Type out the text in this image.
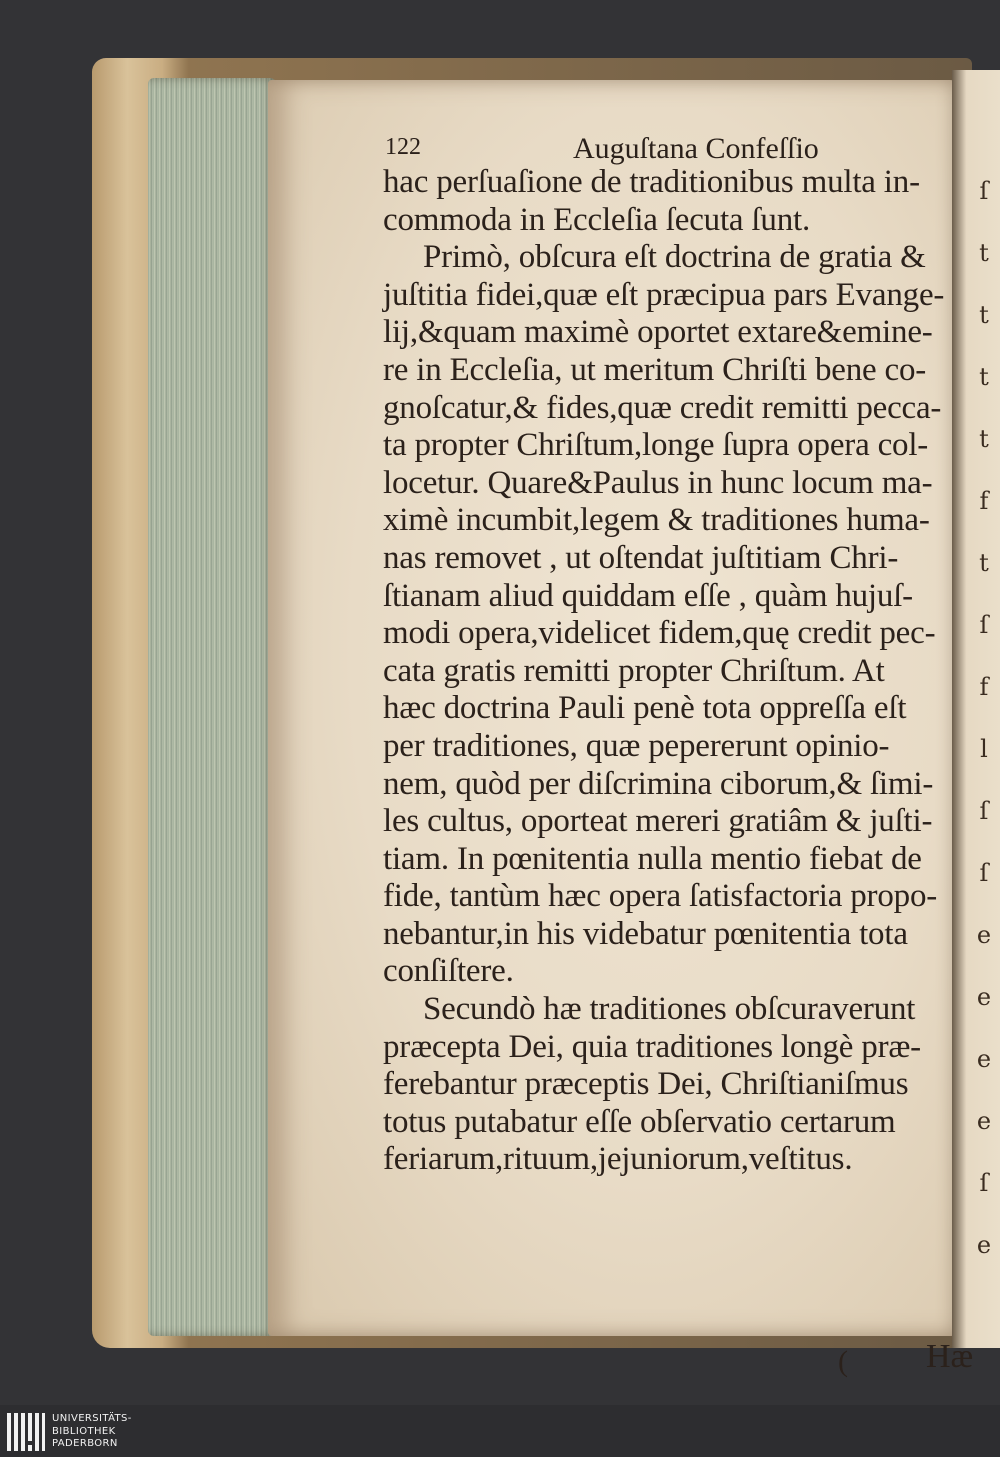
ſ
t
t
t
t
f
t
ſ
f
l
ſ
ſ
e
e
e
e
ſ
e
122	Auguſtana Confeſſio
hac perſuaſione de traditionibus multa in-
commoda in Eccleſia ſecuta ſunt.
Primò, obſcura eſt doctrina de gratia &
juſtitia fidei,quæ eſt præcipua pars Evange-
lij,&quam maximè oportet extare&emine-
re in Eccleſia, ut meritum Chriſti bene co-
gnoſcatur,& fides,quæ credit remitti pecca-
ta propter Chriſtum,longe ſupra opera col-
locetur. Quare&Paulus in hunc locum ma-
ximè incumbit,legem & traditiones huma-
nas removet , ut oſtendat juſtitiam Chri-
ſtianam aliud quiddam eſſe , quàm hujuſ-
modi opera,videlicet fidem,quę credit pec-
cata gratis remitti propter Chriſtum. At
hæc doctrina Pauli penè tota oppreſſa eſt
per traditiones, quæ pepererunt opinio-
nem, quòd per diſcrimina ciborum,& ſimi-
les cultus, oporteat mereri gratiâm & juſti-
tiam. In pœnitentia nulla mentio fiebat de
fide, tantùm hæc opera ſatisfactoria propo-
nebantur,in his videbatur pœnitentia tota
conſiſtere.
Secundò hæ traditiones obſcuraverunt
præcepta Dei, quia traditiones longè præ-
ferebantur præceptis Dei, Chriſtianiſmus
totus putabatur eſſe obſervatio certarum
feriarum,rituum,jejuniorum,veſtitus.
( Hæ
UNIVERSITÄTS-
BIBLIOTHEK
PADERBORN
